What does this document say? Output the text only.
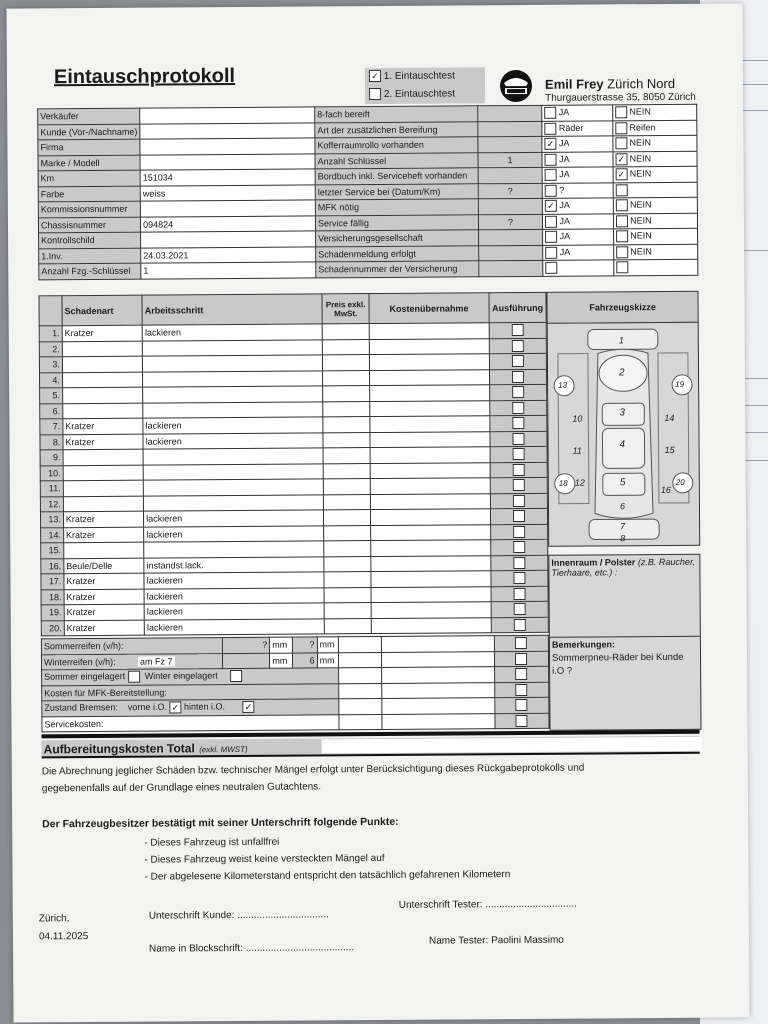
Eintauschprotokoll	✓ 1. Eintauschtest
2. Eintauschtest
Emil Frey Zürich Nord
Thurgauerstrasse 35, 8050 Zürich
Verkäufer		8-fach bereift		JA	NEIN
Kunde (Vor-/Nachname)		Art der zusätzlichen Bereifung		Räder	Reifen
Firma		Kofferraumrollo vorhanden		✓ JA	NEIN
Marke / Modell		Anzahl Schlüssel	1	JA	✓ NEIN
Km	151034	Bordbuch inkl. Serviceheft vorhanden		JA	✓ NEIN
Farbe	weiss	letzter Service bei (Datum/Km)	?	?	
Kommissionsnummer		MFK nötig		✓ JA	NEIN
Chassisnummer	094824	Service fällig	?	JA	NEIN
Kontrollschild		Versicherungsgesellschaft		JA	NEIN
1.Inv.	24.03.2021	Schadenmeldung erfolgt		JA	NEIN
Anzahl Fzg.-Schlüssel	1	Schadennummer der Versicherung			
	Schadenart	Arbeitsschritt	Preis exkl. MwSt.	Kostenübernahme	Ausführung
1.	Kratzer	lackieren			
2.					
3.					
4.					
5.					
6.					
7.	Kratzer	lackieren			
8.	Kratzer	lackieren			
9.					
10.					
11.					
12.					
13.	Kratzer	lackieren			
14.	Kratzer	lackieren			
15.					
16.	Beule/Delle	instandst.lack.			
17.	Kratzer	lackieren			
18.	Kratzer	lackieren			
19.	Kratzer	lackieren			
20.	Kratzer	lackieren			
Fahrzeugskizze
1
2
3
4
5
6
7
8
10
11
12
13
14
15
16
19
18	20
Innenraum / Polster (z.B. Raucher, Tierhaare, etc.) :
Bemerkungen:
Sommerpneu-Räder bei Kunde
i.O ?
Sommerreifen (v/h):	?	mm	?	mm			
Winterreifen (v/h): am Fz 7		mm	6	mm			
Sommer eingelagert Winter eingelagert							
Kosten für MFK-Bereitstellung:							
Zustand Bremsen: vorne i.O. ✓ hinten i.O. ✓							
Servicekosten:							
Aufbereitungskosten Total (exkl. MWST)
Die Abrechnung jeglicher Schäden bzw. technischer Mängel erfolgt unter Berücksichtigung dieses Rückgabeprotokolls und
gegebenenfalls auf der Grundlage eines neutralen Gutachtens.
Der Fahrzeugbesitzer bestätigt mit seiner Unterschrift folgende Punkte:
- Dieses Fahrzeug ist unfallfrei
- Dieses Fahrzeug weist keine versteckten Mängel auf
- Der abgelesene Kilometerstand entspricht den tatsächlich gefahrenen Kilometern
Zürich,
04.11.2025
Unterschrift Kunde: .................................
Unterschrift Tester: .................................
Name in Blockschrift: .......................................
Name Tester: Paolini Massimo
